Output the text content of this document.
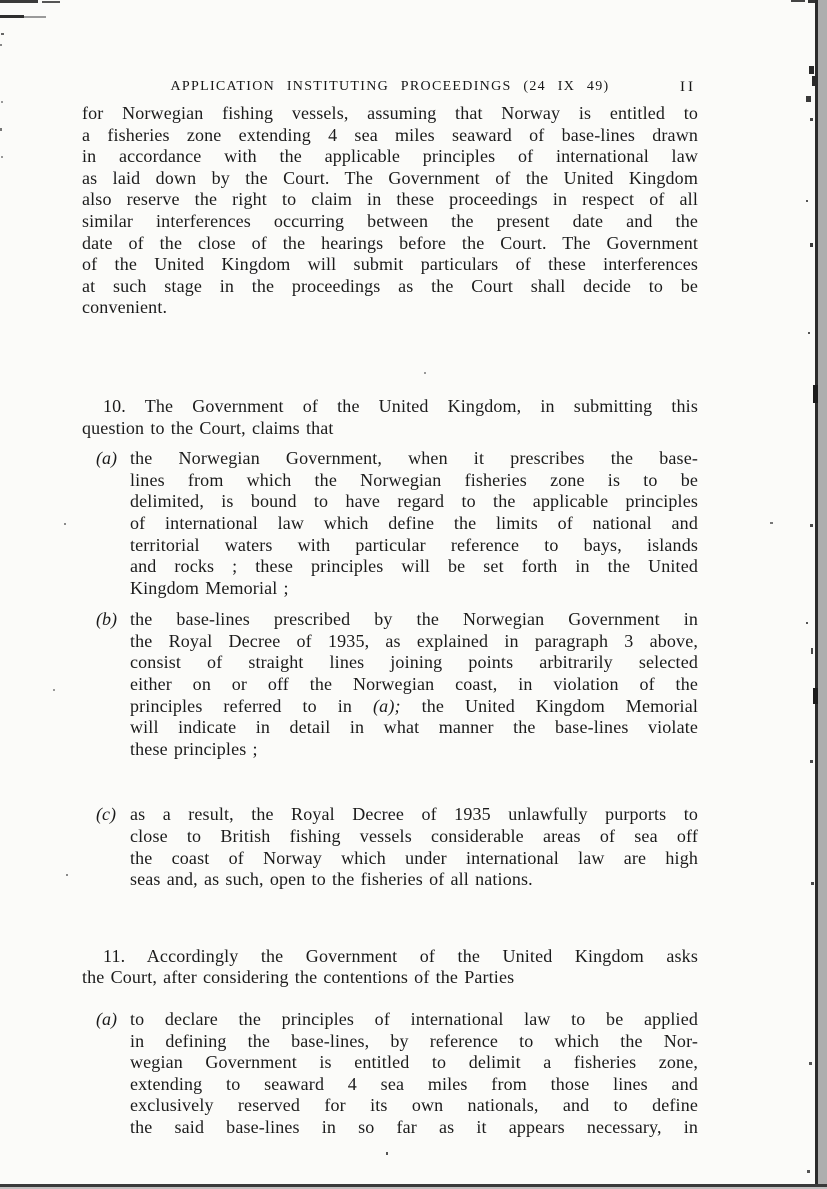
APPLICATION INSTITUTING PROCEEDINGS (24 IX 49)	II
for Norwegian fishing vessels, assuming that Norway is entitled to
a fisheries zone extending 4 sea miles seaward of base-lines drawn
in accordance with the applicable principles of international law
as laid down by the Court. The Government of the United Kingdom
also reserve the right to claim in these proceedings in respect of all
similar interferences occurring between the present date and the
date of the close of the hearings before the Court. The Government
of the United Kingdom will submit particulars of these interferences
at such stage in the proceedings as the Court shall decide to be
convenient.
10. The Government of the United Kingdom, in submitting this
question to the Court, claims that
(a) the Norwegian Government, when it prescribes the base-
lines from which the Norwegian fisheries zone is to be
delimited, is bound to have regard to the applicable principles
of international law which define the limits of national and
territorial waters with particular reference to bays, islands
and rocks ; these principles will be set forth in the United
Kingdom Memorial ;
(b) the base-lines prescribed by the Norwegian Government in
the Royal Decree of 1935, as explained in paragraph 3 above,
consist of straight lines joining points arbitrarily selected
either on or off the Norwegian coast, in violation of the
principles referred to in (a); the United Kingdom Memorial
will indicate in detail in what manner the base-lines violate
these principles ;
(c) as a result, the Royal Decree of 1935 unlawfully purports to
close to British fishing vessels considerable areas of sea off
the coast of Norway which under international law are high
seas and, as such, open to the fisheries of all nations.
11. Accordingly the Government of the United Kingdom asks
the Court, after considering the contentions of the Parties
(a) to declare the principles of international law to be applied
in defining the base-lines, by reference to which the Nor-
wegian Government is entitled to delimit a fisheries zone,
extending to seaward 4 sea miles from those lines and
exclusively reserved for its own nationals, and to define
the said base-lines in so far as it appears necessary, in
